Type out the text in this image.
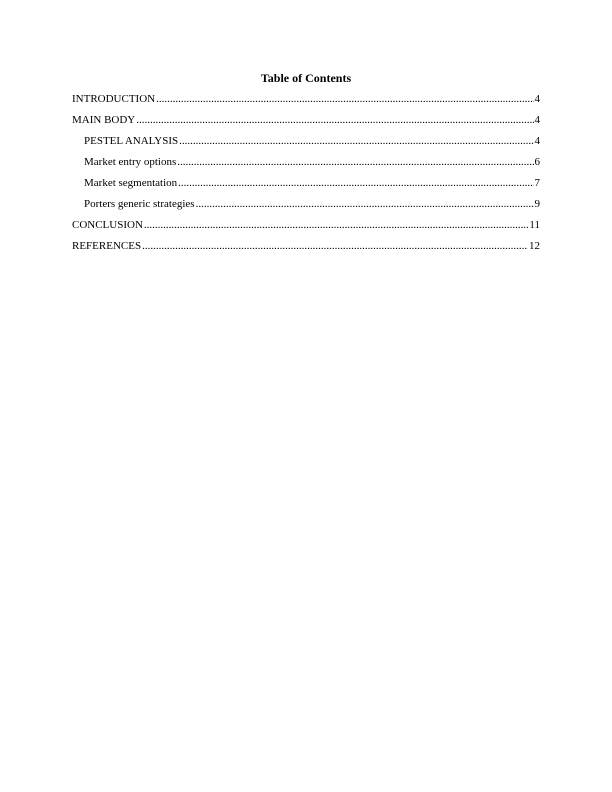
Table of Contents
INTRODUCTION .....	4
MAIN BODY .....	4
PESTEL ANALYSIS .....	4
Market entry options .....	6
Market segmentation .....	7
Porters generic strategies .....	9
CONCLUSION .....	11
REFERENCES .....	12
